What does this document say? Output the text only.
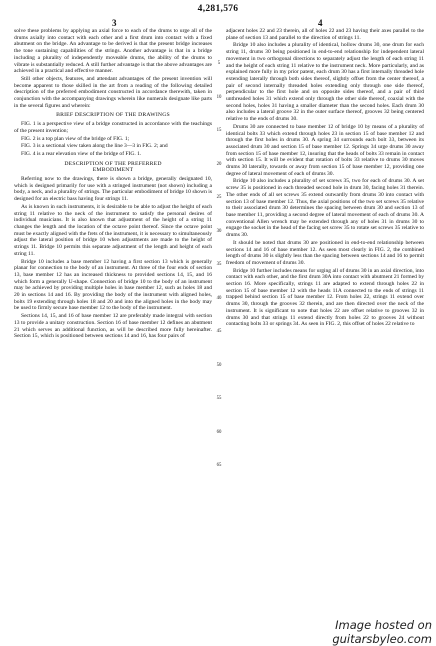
4,281,576
3	4

solve these problems by applying an axial force to each of the drums to urge all of the drums axially into contact with each other and a first drum into contact with a fixed abutment on the bridge. An advantage to be derived is that the present bridge increases the tone sustaining capabilities of the strings. Another advantage is that in a bridge including a plurality of independently moveable drums, the ability of the drums to vibrate is substantially reduced. A still further advantage is that the above advantages are achieved in a practical and effective manner.

Still other objects, features, and attendant advantages of the present invention will become apparent to those skilled in the art from a reading of the following detailed description of the preferred embodiment constructed in accordance therewith, taken in conjunction with the accompanying drawings wherein like numerals designate like parts in the several figures and wherein:

BRIEF DESCRIPTION OF THE DRAWINGS

FIG. 1 is a perspective view of a bridge constructed in accordance with the teachings of the present invention;

FIG. 2 is a top plan view of the bridge of FIG. 1;

FIG. 3 is a sectional view taken along the line 3—3 in FIG. 2; and

FIG. 4 is a rear elevation view of the bridge of FIG. 1.

DESCRIPTION OF THE PREFERRED
EMBODIMENT

Referring now to the drawings, there is shown a bridge, generally designated 10, which is designed primarily for use with a stringed instrument (not shown) including a body, a neck, and a plurality of strings. The particular embodiment of bridge 10 shown is designed for an electric bass having four strings 11.

As is known in such instruments, it is desirable to be able to adjust the height of each string 11 relative to the neck of the instrument to satisfy the personal desires of individual musicians. It is also known that adjustment of the height of a string 11 changes the length and the location of the octave point thereof. Since the octave point must be exactly aligned with the frets of the instrument, it is necessary to simultaneously adjust the lateral position of bridge 10 when adjustments are made to the height of strings 11. Bridge 10 permits this separate adjustment of the length and height of each string 11.

Bridge 10 includes a base member 12 having a first section 13 which is generally planar for connection to the body of an instrument. At three of the four ends of section 13, base member 12 has an increased thickness to provided sections 14, 15, and 16 which form a generally U-shape. Connection of bridge 10 to the body of an instrument may be achieved by providing multiple holes in base member 12, such as holes 18 and 20 in sections 14 and 16. By providing the body of the instrument with aligned holes, bolts 19 extending through holes 18 and 20 and into the aligned holes in the body may be used to firmly secure base member 12 to the body of the instrument.

Sections 14, 15, and 16 of base member 12 are preferably made integral with section 13 to provide a unitary construction. Section 16 of base member 12 defines an abutment 21 which serves an additional function, as will be described more fully hereinafter. Section 15, which is positioned between sections 14 and 16, has four pairs of

5
10
15
20
25
30
35
40
45
50
55
60
65

adjacent holes 22 and 23 therein, all of holes 22 and 23 having their axes parallel to the plane of section 13 and parallel to the direction of strings 11.

Bridge 10 also includes a plurality of identical, hollow drums 30, one drum for each string 11, drums 30 being positioned in end-to-end relationship for independent lateral movement in two orthogonal directions to separately adjust the length of each string 11 and the height of each string 11 relative to the instrument neck. More particularly, and as explained more fully in my prior patent, each drum 30 has a first internally threaded hole extending laterally through both sides thereof, slightly offset from the center thereof, a pair of second internally threaded holes extending only through one side thereof, perpendicular to the first hole and on opposite sides thereof, and a pair of third unthreaded holes 31 which extend only through the other side thereof, coaxial with the second holes, holes 31 having a smaller diameter than the second holes. Each drum 30 also includes a lateral groove 32 in the outer surface thereof, grooves 32 being centered relative to the ends of drums 30.

Drums 30 are connected to base member 12 of bridge 10 by means of a plurality of identical bolts 33 which extend through holes 23 in section 15 of base member 12 and through the first holes in drums 30. A spring 34 surrounds each bolt 33, between its associated drum 30 and section 15 of base member 12. Springs 34 urge drums 30 away from section 15 of base member 12, insuring that the heads of bolts 33 remain in contact with section 15. It will be evident that rotation of bolts 33 relative to drums 30 moves drums 30 laterally, towards or away from section 15 of base member 12, providing one degree of lateral movement of each of drums 30.

Bridge 10 also includes a plurality of set screws 35, two for each of drums 30. A set screw 35 is positioned in each threaded second hole in drum 30, facing holes 31 therein. The other ends of all set screws 35 extend outwardly from drums 30 into contact with section 13 of base member 12. Thus, the axial positions of the two set screws 35 relative to their associated drum 30 determines the spacing between drum 30 and section 13 of base member 11, providing a second degree of lateral movement of each of drums 30. A conventional Allen wrench may be extended through any of holes 31 in drums 30 to engage the socket in the head of the facing set screw 35 to rotate set screws 35 relative to drums 30.

It should be noted that drums 30 are positioned in end-to-end relationship between sections 14 and 16 of base member 12. As seen most clearly in FIG. 2, the combined length of drums 30 is slightly less than the spacing between sections 14 and 16 to permit freedom of movement of drums 30.

Bridge 10 further includes means for urging all of drums 30 in an axial direction, into contact with each other, and the first drum 30A into contact with abutment 21 formed by section 16. More specifically, strings 11 are adapted to extend through holes 22 in section 15 of base member 12 with the heads 11A connected to the ends of strings 11 trapped behind section 15 of base member 12. From holes 22, strings 11 extend over drums 30, through the grooves 32 therein, and are then directed over the neck of the instrument. It is significant to note that holes 22 are offset relative to grooves 32 in drums 30 and that strings 11 extend directly from holes 22 to grooves 24 without contacting bolts 33 or springs 34. As seen in FIG. 2, this offset of holes 22 relative to

Image hosted on guitarsbyleo.com
